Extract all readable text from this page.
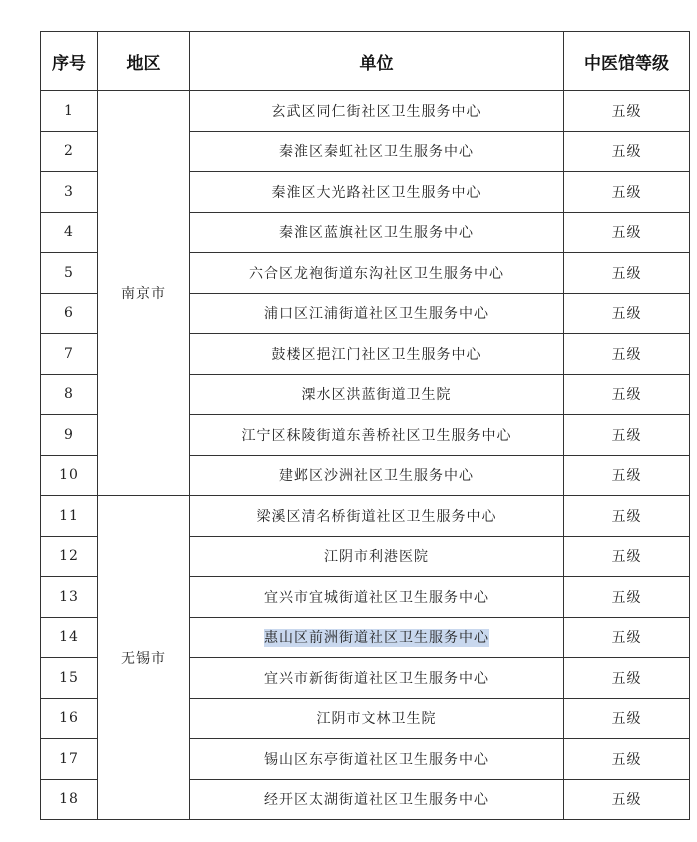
序号	地区	单位	中医馆等级
1	南京市	玄武区同仁街社区卫生服务中心	五级
2		秦淮区秦虹社区卫生服务中心	五级
3		秦淮区大光路社区卫生服务中心	五级
4		秦淮区蓝旗社区卫生服务中心	五级
5		六合区龙袍街道东沟社区卫生服务中心	五级
6		浦口区江浦街道社区卫生服务中心	五级
7		鼓楼区挹江门社区卫生服务中心	五级
8		溧水区洪蓝街道卫生院	五级
9		江宁区秣陵街道东善桥社区卫生服务中心	五级
10		建邺区沙洲社区卫生服务中心	五级
11	无锡市	梁溪区清名桥街道社区卫生服务中心	五级
12		江阴市利港医院	五级
13		宜兴市宜城街道社区卫生服务中心	五级
14		惠山区前洲街道社区卫生服务中心	五级
15		宜兴市新街街道社区卫生服务中心	五级
16		江阴市文林卫生院	五级
17		锡山区东亭街道社区卫生服务中心	五级
18		经开区太湖街道社区卫生服务中心	五级
